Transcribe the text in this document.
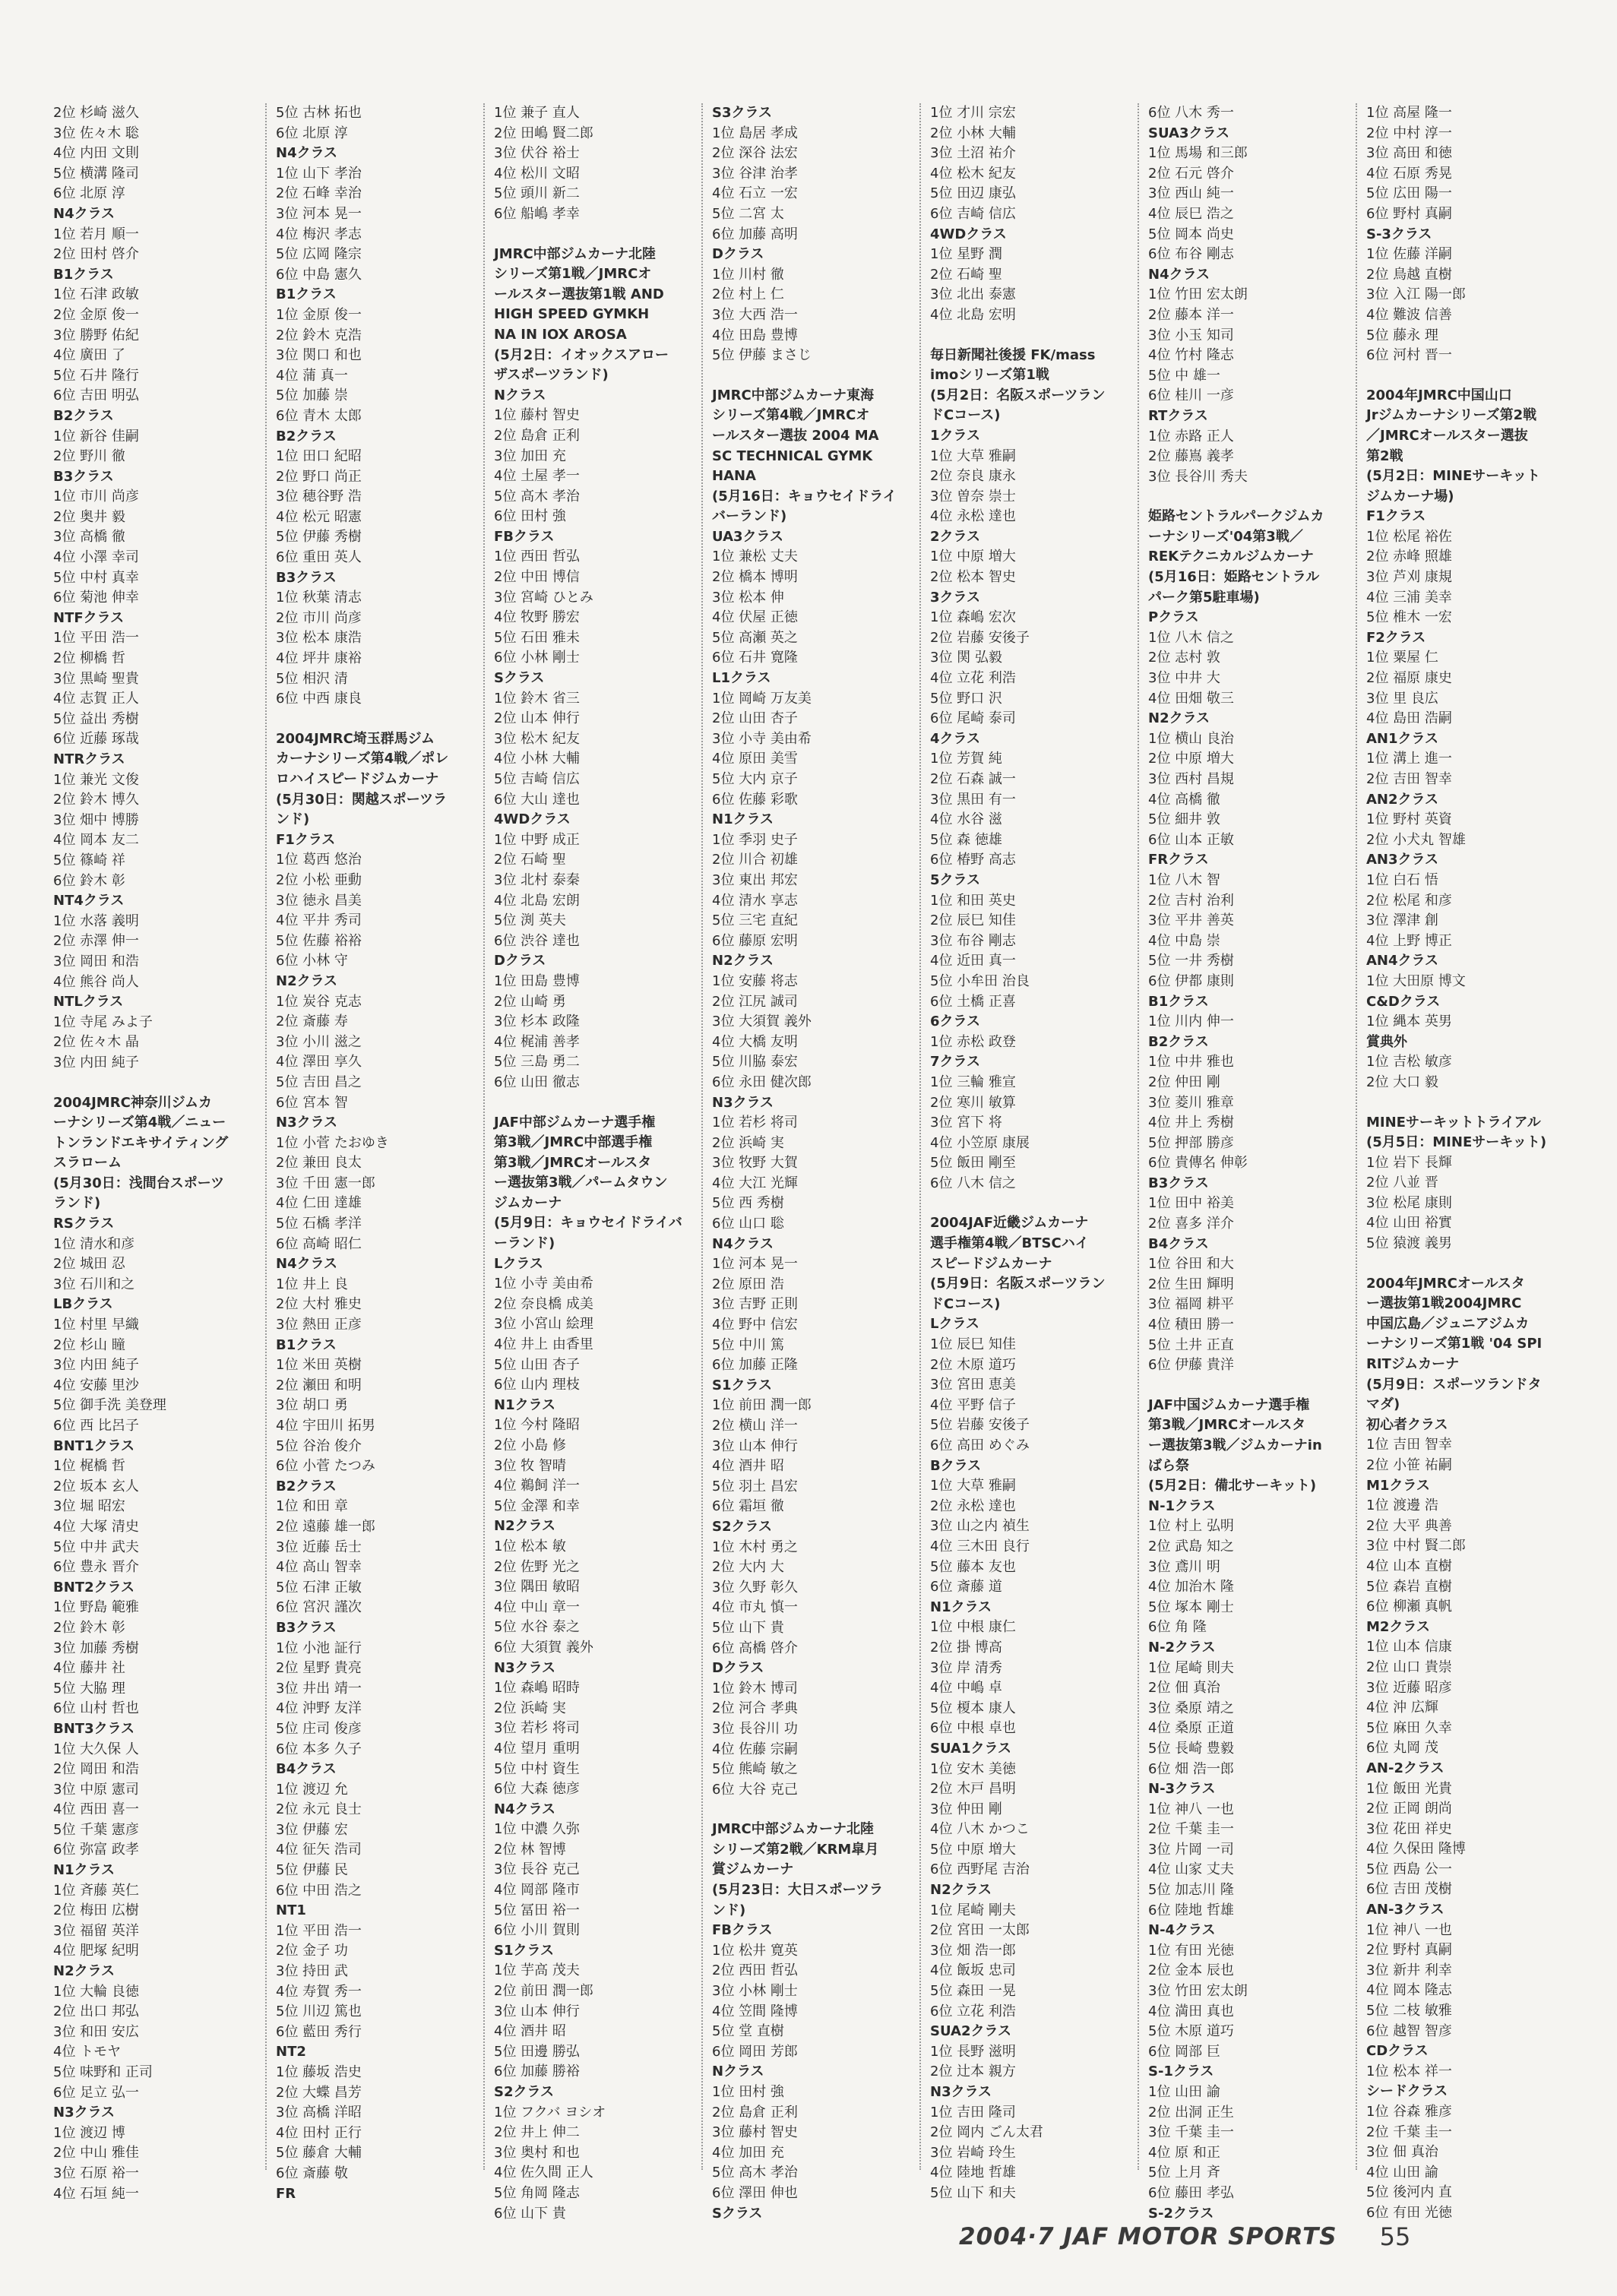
2位 杉崎 滋久
3位 佐々木 聡
4位 内田 文則
5位 横溝 隆司
6位 北原 淳
N4クラス
1位 若月 順一
2位 田村 啓介
B1クラス
1位 石津 政敏
2位 金原 俊一
3位 勝野 佑紀
4位 廣田 了
5位 石井 隆行
6位 吉田 明弘
B2クラス
1位 新谷 佳嗣
2位 野川 徹
B3クラス
1位 市川 尚彦
2位 奥井 毅
3位 高橋 徹
4位 小澤 幸司
5位 中村 真幸
6位 菊池 伸幸
NTFクラス
1位 平田 浩一
2位 柳橋 哲
3位 黒崎 聖貴
4位 志賀 正人
5位 益出 秀樹
6位 近藤 琢哉
NTRクラス
1位 兼光 文俊
2位 鈴木 博久
3位 畑中 博勝
4位 岡本 友二
5位 篠崎 祥
6位 鈴木 彰
NT4クラス
1位 水落 義明
2位 赤澤 伸一
3位 岡田 和浩
4位 熊谷 尚人
NTLクラス
1位 寺尾 みよ子
2位 佐々木 晶
3位 内田 純子
2004JMRC神奈川ジムカ
ーナシリーズ第4戦／ニュー
トンランドエキサイティング
スラローム
(5月30日：浅間台スポーツ
ランド)
RSクラス
1位 清水和彦
2位 城田 忍
3位 石川和之
LBクラス
1位 村里 早織
2位 杉山 瞳
3位 内田 純子
4位 安藤 里沙
5位 御手洗 美登理
6位 西 比呂子
BNT1クラス
1位 梶橋 哲
2位 坂本 玄人
3位 堀 昭宏
4位 大塚 清史
5位 中井 武夫
6位 豊永 晋介
BNT2クラス
1位 野島 範雅
2位 鈴木 彰
3位 加藤 秀樹
4位 藤井 社
5位 大脇 理
6位 山村 哲也
BNT3クラス
1位 大久保 人
2位 岡田 和浩
3位 中原 憲司
4位 西田 喜一
5位 千葉 憲彦
6位 弥富 政孝
N1クラス
1位 斉藤 英仁
2位 梅田 広樹
3位 福留 英洋
4位 肥塚 紀明
N2クラス
1位 大輪 良徳
2位 出口 邦弘
3位 和田 安広
4位 トモヤ
5位 味野和 正司
6位 足立 弘一
N3クラス
1位 渡辺 博
2位 中山 雅佳
3位 石原 裕一
4位 石垣 純一
5位 古林 拓也
6位 北原 淳
N4クラス
1位 山下 孝治
2位 石峰 幸治
3位 河本 晃一
4位 梅沢 孝志
5位 広岡 隆宗
6位 中島 憲久
B1クラス
1位 金原 俊一
2位 鈴木 克浩
3位 関口 和也
4位 蒲 真一
5位 加藤 崇
6位 青木 太郎
B2クラス
1位 田口 紀昭
2位 野口 尚正
3位 穂谷野 浩
4位 松元 昭憲
5位 伊藤 秀樹
6位 重田 英人
B3クラス
1位 秋葉 清志
2位 市川 尚彦
3位 松本 康浩
4位 坪井 康裕
5位 相沢 清
6位 中西 康良
2004JMRC埼玉群馬ジム
カーナシリーズ第4戦／ポレ
ロハイスピードジムカーナ
(5月30日：関越スポーツラ
ンド)
F1クラス
1位 葛西 悠治
2位 小松 亜動
3位 徳永 昌美
4位 平井 秀司
5位 佐藤 裕裕
6位 小林 守
N2クラス
1位 炭谷 克志
2位 斎藤 寿
3位 小川 滋之
4位 澤田 享久
5位 吉田 昌之
6位 宮本 智
N3クラス
1位 小菅 たおゆき
2位 兼田 良太
3位 千田 憲一郎
4位 仁田 達雄
5位 石橋 孝洋
6位 高崎 昭仁
N4クラス
1位 井上 良
2位 大村 雅史
3位 熱田 正彦
B1クラス
1位 米田 英樹
2位 瀬田 和明
3位 胡口 勇
4位 宇田川 拓男
5位 谷治 俊介
6位 小菅 たつみ
B2クラス
1位 和田 章
2位 遠藤 雄一郎
3位 近藤 岳士
4位 高山 智幸
5位 石津 正敏
6位 宮沢 謹次
B3クラス
1位 小池 証行
2位 星野 貴亮
3位 井出 靖一
4位 沖野 友洋
5位 庄司 俊彦
6位 本多 久子
B4クラス
1位 渡辺 允
2位 永元 良士
3位 伊藤 宏
4位 征矢 浩司
5位 伊藤 民
6位 中田 浩之
NT1
1位 平田 浩一
2位 金子 功
3位 持田 武
4位 寿賀 秀一
5位 川辺 篤也
6位 藍田 秀行
NT2
1位 藤坂 浩史
2位 大蝶 昌芳
3位 高橋 洋昭
4位 田村 正行
5位 藤倉 大輔
6位 斎藤 敬
FR
1位 兼子 直人
2位 田嶋 賢二郎
3位 伏谷 裕士
4位 松川 文昭
5位 頭川 新二
6位 船嶋 孝幸
JMRC中部ジムカーナ北陸
シリーズ第1戦／JMRCオ
ールスター選抜第1戦 AND
HIGH SPEED GYMKH
NA IN IOX AROSA
(5月2日：イオックスアロー
ザスポーツランド)
Nクラス
1位 藤村 智史
2位 島倉 正利
3位 加田 充
4位 土屋 孝一
5位 高木 孝治
6位 田村 強
FBクラス
1位 西田 哲弘
2位 中田 博信
3位 宮崎 ひとみ
4位 牧野 勝宏
5位 石田 雅未
6位 小林 剛士
Sクラス
1位 鈴木 省三
2位 山本 伸行
3位 松木 紀友
4位 小林 大輔
5位 吉崎 信広
6位 大山 達也
4WDクラス
1位 中野 成正
2位 石崎 聖
3位 北村 泰秦
4位 北島 宏朗
5位 渕 英夫
6位 渋谷 達也
Dクラス
1位 田島 豊博
2位 山崎 勇
3位 杉本 政隆
4位 梶浦 善孝
5位 三島 勇二
6位 山田 徹志
JAF中部ジムカーナ選手権
第3戦／JMRC中部選手権
第3戦／JMRCオールスタ
ー選抜第3戦／パームタウン
ジムカーナ
(5月9日：キョウセイドライバ
ーランド)
Lクラス
1位 小寺 美由希
2位 奈良橋 成美
3位 小宮山 絵理
4位 井上 由香里
5位 山田 杏子
6位 山内 理枝
N1クラス
1位 今村 隆昭
2位 小島 修
3位 牧 智晴
4位 鵜飼 洋一
5位 金澤 和幸
N2クラス
1位 松本 敏
2位 佐野 光之
3位 隅田 敏昭
4位 中山 章一
5位 水谷 泰之
6位 大須賀 義外
N3クラス
1位 森嶋 昭時
2位 浜崎 実
3位 若杉 将司
4位 望月 重明
5位 中村 資生
6位 大森 徳彦
N4クラス
1位 中濃 久弥
2位 林 智博
3位 長谷 克己
4位 岡部 隆市
5位 冨田 裕一
6位 小川 賀則
S1クラス
1位 芋高 茂夫
2位 前田 潤一郎
3位 山本 伸行
4位 酒井 昭
5位 田邊 勝弘
6位 加藤 勝裕
S2クラス
1位 フクバ ヨシオ
2位 井上 伸二
3位 奥村 和也
4位 佐久間 正人
5位 角岡 隆志
6位 山下 貴
S3クラス
1位 島居 孝成
2位 深谷 法宏
3位 谷津 治孝
4位 石立 一宏
5位 二宮 太
6位 加藤 高明
Dクラス
1位 川村 徹
2位 村上 仁
3位 大西 浩一
4位 田島 豊博
5位 伊藤 まさじ
JMRC中部ジムカーナ東海
シリーズ第4戦／JMRCオ
ールスター選抜 2004 MA
SC TECHNICAL GYMK
HANA
(5月16日：キョウセイドライ
バーランド)
UA3クラス
1位 兼松 丈夫
2位 橋本 博明
3位 松本 伸
4位 伏屋 正徳
5位 高瀬 英之
6位 石井 寛隆
L1クラス
1位 岡崎 万友美
2位 山田 杏子
3位 小寺 美由希
4位 原田 美雪
5位 大内 京子
6位 佐藤 彩歌
N1クラス
1位 季羽 史子
2位 川合 初雄
3位 東出 邦宏
4位 清水 享志
5位 三宅 直紀
6位 藤原 宏明
N2クラス
1位 安藤 将志
2位 江尻 誠司
3位 大須賀 義外
4位 大橋 友明
5位 川脇 泰宏
6位 永田 健次郎
N3クラス
1位 若杉 将司
2位 浜崎 実
3位 牧野 大賀
4位 大江 光輝
5位 西 秀樹
6位 山口 聡
N4クラス
1位 河本 晃一
2位 原田 浩
3位 吉野 正則
4位 野中 信宏
5位 中川 篤
6位 加藤 正隆
S1クラス
1位 前田 潤一郎
2位 横山 洋一
3位 山本 伸行
4位 酒井 昭
5位 羽土 昌宏
6位 霜垣 徹
S2クラス
1位 木村 勇之
2位 大内 大
3位 久野 彰久
4位 市丸 慎一
5位 山下 貴
6位 高橋 啓介
Dクラス
1位 鈴木 博司
2位 河合 孝典
3位 長谷川 功
4位 佐藤 宗嗣
5位 熊崎 敏之
6位 大谷 克己
JMRC中部ジムカーナ北陸
シリーズ第2戦／KRM皐月
賞ジムカーナ
(5月23日：大日スポーツラ
ンド)
FBクラス
1位 松井 寛英
2位 西田 哲弘
3位 小林 剛士
4位 笠間 隆博
5位 堂 直樹
6位 岡田 芳郎
Nクラス
1位 田村 強
2位 島倉 正利
3位 藤村 智史
4位 加田 充
5位 高木 孝治
6位 澤田 伸也
Sクラス
1位 才川 宗宏
2位 小林 大輔
3位 土沼 祐介
4位 松木 紀友
5位 田辺 康弘
6位 吉崎 信広
4WDクラス
1位 星野 潤
2位 石崎 聖
3位 北出 泰憲
4位 北島 宏明
毎日新聞社後援 FK/mass
imoシリーズ第1戦
(5月2日：名阪スポーツラン
ドCコース)
1クラス
1位 大草 雅嗣
2位 奈良 康永
3位 曽奈 崇士
4位 永松 達也
2クラス
1位 中原 増大
2位 松本 智史
3クラス
1位 森嶋 宏次
2位 岩藤 安後子
3位 関 弘毅
4位 立花 利浩
5位 野口 沢
6位 尾崎 泰司
4クラス
1位 芳賀 純
2位 石森 誠一
3位 黒田 有一
4位 水谷 滋
5位 森 徳雄
6位 椿野 高志
5クラス
1位 和田 英史
2位 辰巳 知佳
3位 布谷 剛志
4位 近田 真一
5位 小牟田 治良
6位 土橋 正喜
6クラス
1位 赤松 政登
7クラス
1位 三輪 雅宣
2位 寒川 敏算
3位 宮下 将
4位 小笠原 康展
5位 飯田 剛至
6位 八木 信之
2004JAF近畿ジムカーナ
選手権第4戦／BTSCハイ
スピードジムカーナ
(5月9日：名阪スポーツラン
ドCコース)
Lクラス
1位 辰巳 知佳
2位 木原 道巧
3位 宮田 恵美
4位 平野 信子
5位 岩藤 安後子
6位 高田 めぐみ
Bクラス
1位 大草 雅嗣
2位 永松 達也
3位 山之内 禎生
4位 三木田 良行
5位 藤本 友也
6位 斎藤 道
N1クラス
1位 中根 康仁
2位 掛 博高
3位 岸 清秀
4位 中嶋 卓
5位 榎本 康人
6位 中根 卓也
SUA1クラス
1位 安木 美徳
2位 木戸 昌明
3位 仲田 剛
4位 八木 かつこ
5位 中原 増大
6位 西野尾 吉治
N2クラス
1位 尾崎 剛夫
2位 宮田 一太郎
3位 畑 浩一郎
4位 飯坂 忠司
5位 森田 一晃
6位 立花 利浩
SUA2クラス
1位 長野 滋明
2位 辻本 親方
N3クラス
1位 吉田 隆司
2位 岡内 ごん太君
3位 岩崎 玲生
4位 陸地 哲雄
5位 山下 和夫
6位 八木 秀一
SUA3クラス
1位 馬場 和三郎
2位 石元 啓介
3位 西山 純一
4位 辰巳 浩之
5位 岡本 尚史
6位 布谷 剛志
N4クラス
1位 竹田 宏太朗
2位 藤本 洋一
3位 小玉 知司
4位 竹村 隆志
5位 中 雄一
6位 桂川 一彦
RTクラス
1位 赤路 正人
2位 藤嶌 義孝
3位 長谷川 秀夫
姫路セントラルパークジムカ
ーナシリーズ'04第3戦／
REKテクニカルジムカーナ
(5月16日：姫路セントラル
パーク第5駐車場)
Pクラス
1位 八木 信之
2位 志村 敦
3位 中井 大
4位 田畑 敬三
N2クラス
1位 横山 良治
2位 中原 増大
3位 西村 昌規
4位 高橋 徹
5位 細井 敦
6位 山本 正敏
FRクラス
1位 八木 智
2位 吉村 治利
3位 平井 善英
4位 中島 崇
5位 一井 秀樹
6位 伊都 康則
B1クラス
1位 川内 伸一
B2クラス
1位 中井 雅也
2位 仲田 剛
3位 菱川 雅章
4位 井上 秀樹
5位 押部 勝彦
6位 貴傳名 伸彰
B3クラス
1位 田中 裕美
2位 喜多 洋介
B4クラス
1位 谷田 和大
2位 生田 輝明
3位 福岡 耕平
4位 積田 勝一
5位 土井 正直
6位 伊藤 貴洋
JAF中国ジムカーナ選手権
第3戦／JMRCオールスタ
ー選抜第3戦／ジムカーナin
ばら祭
(5月2日：備北サーキット)
N-1クラス
1位 村上 弘明
2位 武島 知之
3位 鳶川 明
4位 加治木 隆
5位 塚本 剛士
6位 角 隆
N-2クラス
1位 尾崎 則夫
2位 佃 真治
3位 桑原 靖之
4位 桑原 正道
5位 長崎 豊毅
6位 畑 浩一郎
N-3クラス
1位 神八 一也
2位 千葉 圭一
3位 片岡 一司
4位 山家 丈夫
5位 加志川 隆
6位 陸地 哲雄
N-4クラス
1位 有田 光徳
2位 金本 辰也
3位 竹田 宏太朗
4位 満田 真也
5位 木原 道巧
6位 岡部 巨
S-1クラス
1位 山田 諭
2位 出洞 正生
3位 千葉 圭一
4位 原 和正
5位 上月 斉
6位 藤田 孝弘
S-2クラス
1位 高屋 隆一
2位 中村 淳一
3位 高田 和徳
4位 石原 秀晃
5位 広田 陽一
6位 野村 真嗣
S-3クラス
1位 佐藤 洋嗣
2位 鳥越 直樹
3位 入江 陽一郎
4位 難波 信善
5位 藤永 理
6位 河村 晋一
2004年JMRC中国山口
Jrジムカーナシリーズ第2戦
／JMRCオールスター選抜
第2戦
(5月2日：MINEサーキット
ジムカーナ場)
F1クラス
1位 松尾 裕佐
2位 赤峰 照雄
3位 芦刈 康規
4位 三浦 美幸
5位 椎木 一宏
F2クラス
1位 粟屋 仁
2位 福原 康史
3位 里 良広
4位 島田 浩嗣
AN1クラス
1位 溝上 進一
2位 吉田 智幸
AN2クラス
1位 野村 英資
2位 小犬丸 智雄
AN3クラス
1位 白石 悟
2位 松尾 和彦
3位 澤津 創
4位 上野 博正
AN4クラス
1位 大田原 博文
C&Dクラス
1位 縄本 英男
賞典外
1位 吉松 敏彦
2位 大口 毅
MINEサーキットトライアル
(5月5日：MINEサーキット)
1位 岩下 長輝
2位 八並 晋
3位 松尾 康則
4位 山田 裕實
5位 猿渡 義男
2004年JMRCオールスタ
ー選抜第1戦2004JMRC
中国広島／ジュニアジムカ
ーナシリーズ第1戦 '04 SPI
RITジムカーナ
(5月9日：スポーツランドタ
マダ)
初心者クラス
1位 吉田 智幸
2位 小笹 祐嗣
M1クラス
1位 渡邊 浩
2位 大平 典善
3位 中村 賢二郎
4位 山本 直樹
5位 森岩 直樹
6位 柳瀬 真帆
M2クラス
1位 山本 信康
2位 山口 貴崇
3位 近藤 昭彦
4位 沖 広輝
5位 麻田 久幸
6位 丸岡 茂
AN-2クラス
1位 飯田 光貴
2位 正岡 朗尚
3位 花田 祥史
4位 久保田 隆博
5位 西島 公一
6位 吉田 茂樹
AN-3クラス
1位 神八 一也
2位 野村 真嗣
3位 新井 利幸
4位 岡本 隆志
5位 二枝 敏雅
6位 越智 智彦
CDクラス
1位 松本 祥一
シードクラス
1位 谷森 雅彦
2位 千葉 圭一
3位 佃 真治
4位 山田 諭
5位 後河内 直
6位 有田 光徳
2004·7 JAF MOTOR SPORTS 55
